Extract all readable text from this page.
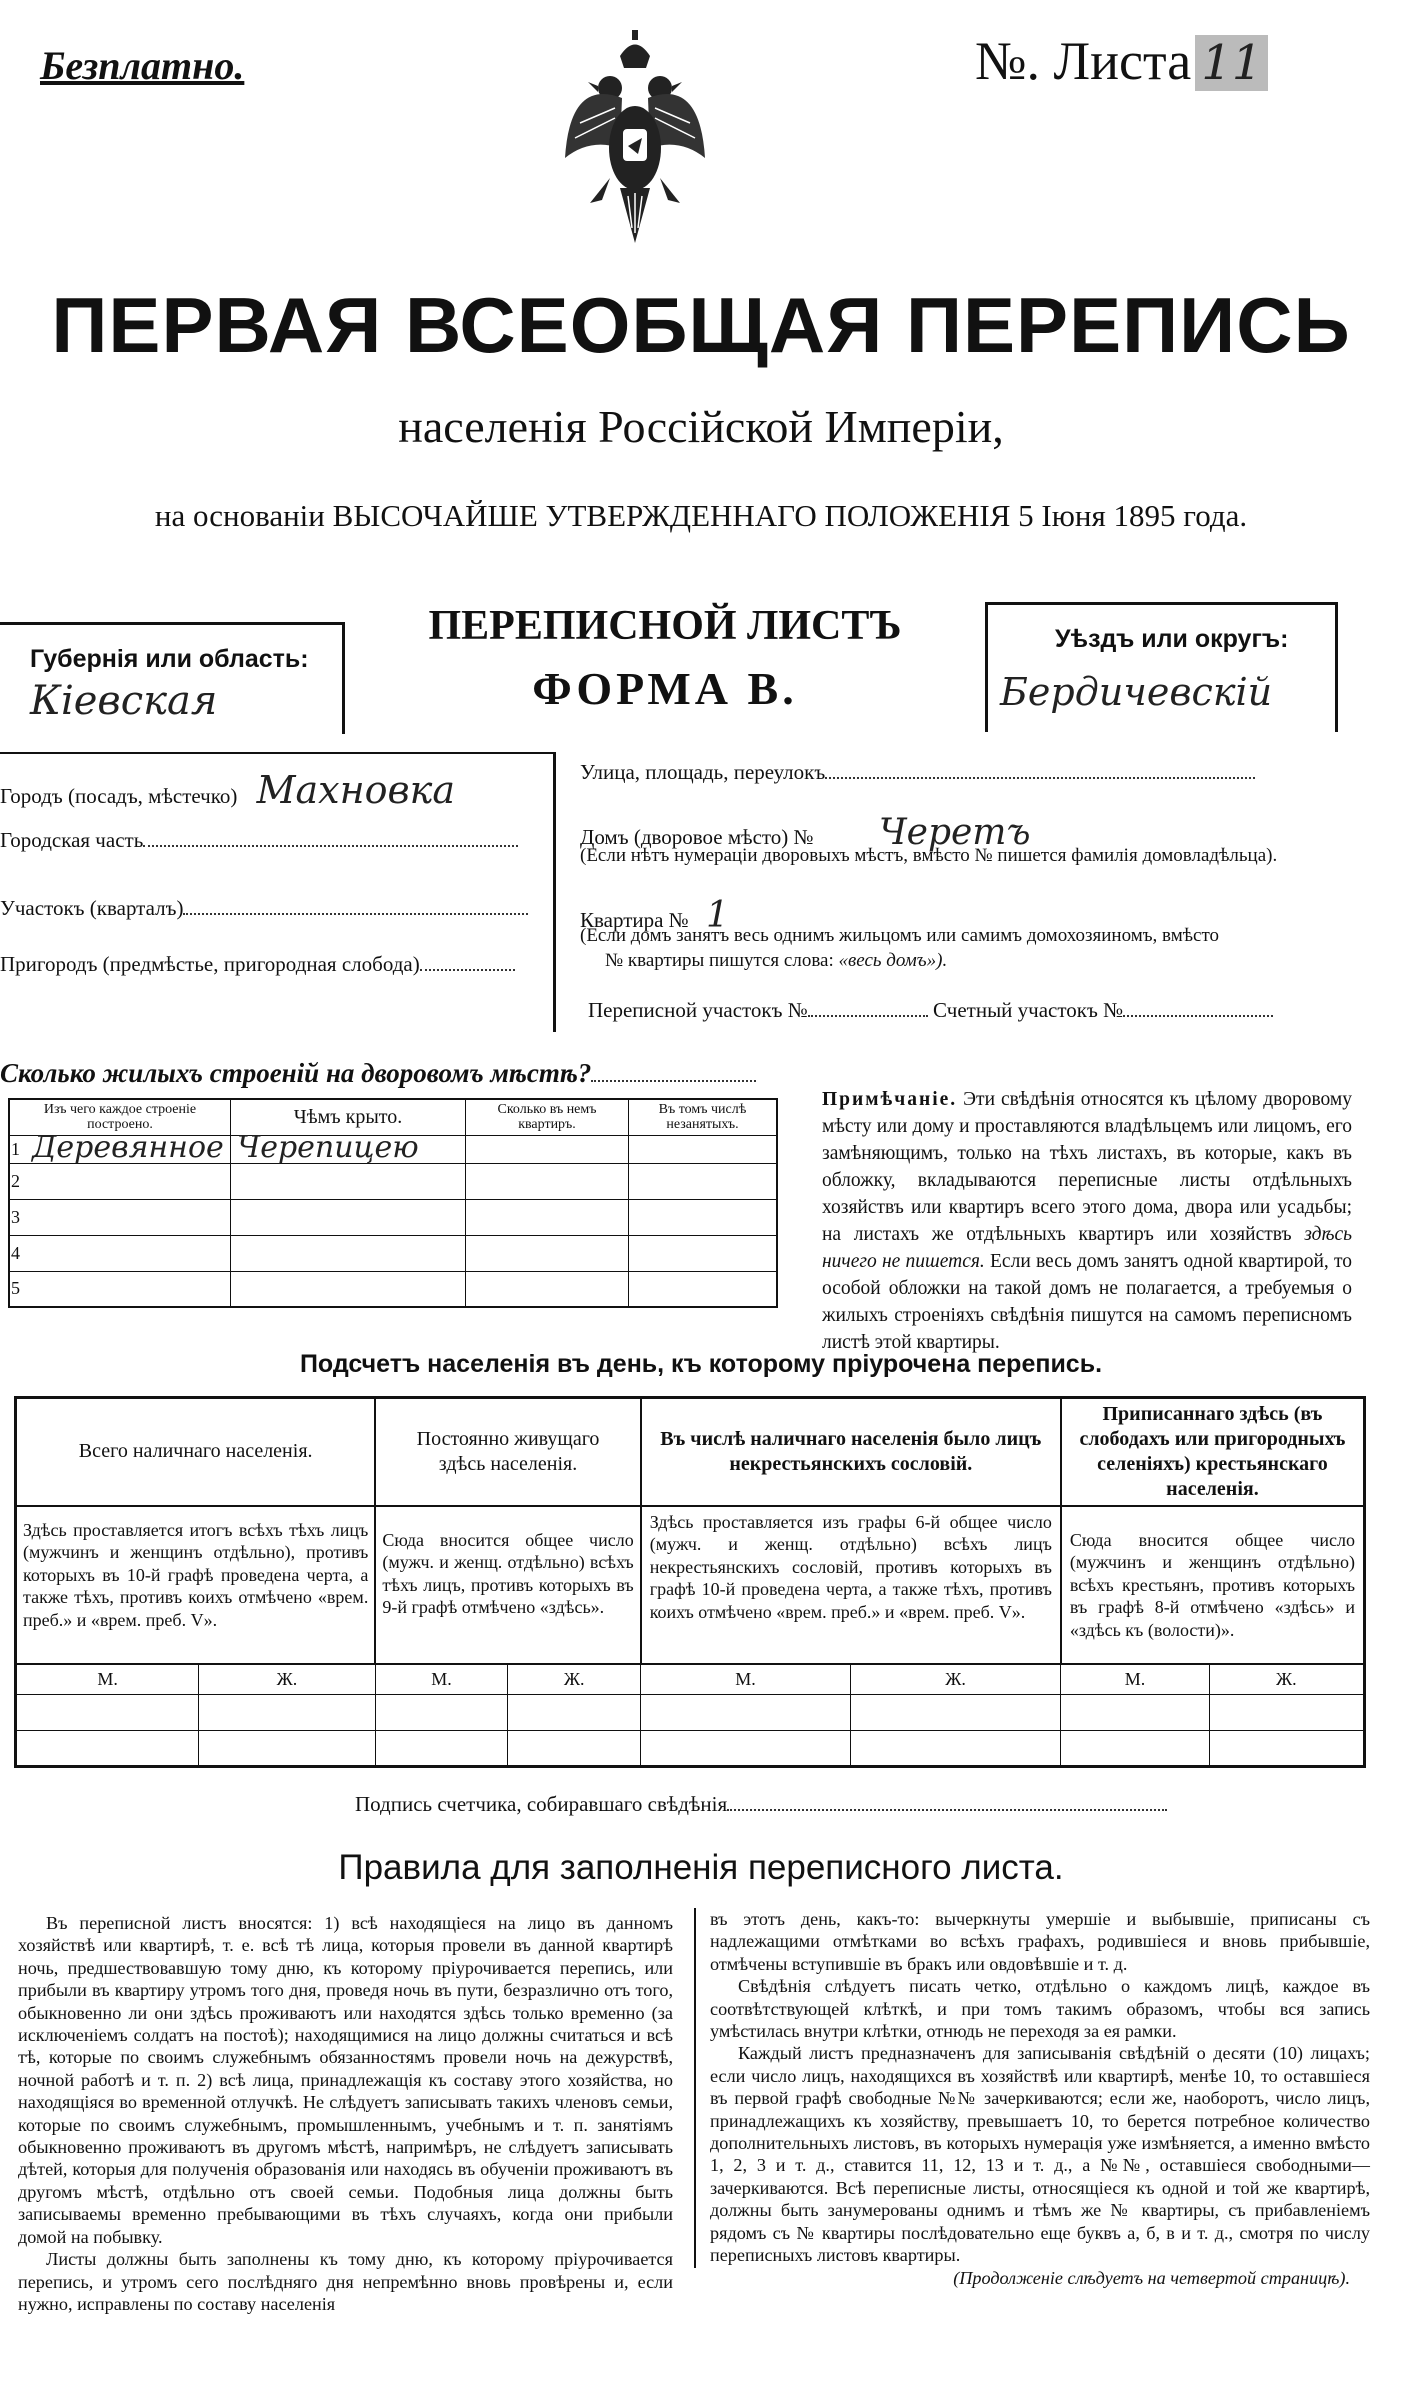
Безплатно.	№. Листа 11
ПЕРВАЯ ВСЕОБЩАЯ ПЕРЕПИСЬ
населенія Россійской Имперіи,
на основаніи ВЫСОЧАЙШЕ УТВЕРЖДЕННАГО ПОЛОЖЕНІЯ 5 Іюня 1895 года.
Губернія или область:
Кіевская
ПЕРЕПИСНОЙ ЛИСТЪ
ФОРМА В.
Уѣздъ или округъ:
Бердичевскій
Городъ (посадъ, мѣстечко) Махновка
Городская часть
Участокъ (кварталъ)
Пригородъ (предмѣстье, пригородная слобода)
Улица, площадь, переулокъ
Домъ (дворовое мѣсто) № Черетъ
(Если нѣтъ нумераціи дворовыхъ мѣстъ, вмѣсто № пишется фамилія домовладѣльца).
Квартира № 1
(Если домъ занятъ весь однимъ жильцомъ или самимъ домохозяиномъ, вмѣсто
№ квартиры пишутся слова: «весь домъ»).
Переписной участокъ №	Счетный участокъ №
Сколько жилыхъ строеній на дворовомъ мѣстѣ?
Изъ чего каждое строеніе построено.	Чѣмъ крыто.	Сколько въ немъ квартиръ.	Въ томъ числѣ незанятыхъ.
1 Деревянное	Черепицею		

2			
3			
4			
5			

Примѣчаніе. Эти свѣдѣнія относятся къ цѣлому дворовому мѣсту или дому и проставляются владѣльцемъ или лицомъ, его замѣняющимъ, только на тѣхъ листахъ, въ которые, какъ въ обложку, вкладываются переписные листы отдѣльныхъ хозяйствъ или квартиръ всего этого дома, двора или усадьбы; на листахъ же отдѣльныхъ квартиръ или хозяйствъ здѣсь ничего не пишется. Если весь домъ занятъ одной квартирой, то особой обложки на такой домъ не полагается, а требуемыя о жилыхъ строеніяхъ свѣдѣнія пишутся на самомъ переписномъ листѣ этой квартиры.

Подсчетъ населенія въ день, къ которому пріурочена перепись.
Всего наличнаго населенія.		Постоянно живущаго здѣсь населенія.		Въ числѣ наличнаго населенія было лицъ некрестьянскихъ сословій.		Приписаннаго здѣсь (въ слободахъ или пригородныхъ селеніяхъ) крестьянскаго населенія.	

Здѣсь проставляется итогъ всѣхъ тѣхъ лицъ (мужчинъ и женщинъ отдѣльно), противъ которыхъ въ 10-й графѣ проведена черта, а также тѣхъ, противъ коихъ отмѣчено «врем. преб.» и «врем. преб. V».		Сюда вносится общее число (мужч. и женщ. отдѣльно) всѣхъ тѣхъ лицъ, противъ которыхъ въ 9-й графѣ отмѣчено «здѣсь».		Здѣсь проставляется изъ графы 6-й общее число (мужч. и женщ. отдѣльно) всѣхъ лицъ некрестьянскихъ сословій, противъ которыхъ въ графѣ 10-й проведена черта, а также тѣхъ, противъ коихъ отмѣчено «врем. преб.» и «врем. преб. V».		Сюда вносится общее число (мужчинъ и женщинъ отдѣльно) всѣхъ крестьянъ, противъ которыхъ въ графѣ 8-й отмѣчено «здѣсь» и «здѣсь къ (волости)».	

М.	Ж.	М.	Ж.	М.	Ж.	М.	Ж.

Подпись счетчика, собиравшаго свѣдѣнія
Правила для заполненія переписного листа.

Въ переписной листъ вносятся: 1) всѣ находящіеся на лицо въ данномъ хозяйствѣ или квартирѣ, т. е. всѣ тѣ лица, которыя провели въ данной квартирѣ ночь, предшествовавшую тому дню, къ которому пріурочивается перепись, или прибыли въ квартиру утромъ того дня, проведя ночь въ пути, безразлично отъ того, обыкновенно ли они здѣсь проживаютъ или находятся здѣсь только временно (за исключеніемъ солдатъ на постоѣ); находящимися на лицо должны считаться и всѣ тѣ, которые по своимъ служебнымъ обязанностямъ провели ночь на дежурствѣ, ночной работѣ и т. п. 2) всѣ лица, принадлежащія къ составу этого хозяйства, но находящіяся во временной отлучкѣ. Не слѣдуетъ записывать такихъ членовъ семьи, которые по своимъ служебнымъ, промышленнымъ, учебнымъ и т. п. занятіямъ обыкновенно проживаютъ въ другомъ мѣстѣ, напримѣръ, не слѣдуетъ записывать дѣтей, которыя для полученія образованія или находясь въ обученіи проживаютъ въ другомъ мѣстѣ, отдѣльно отъ своей семьи. Подобныя лица должны быть записываемы временно пребывающими въ тѣхъ случаяхъ, когда они прибыли домой на побывку.

Листы должны быть заполнены къ тому дню, къ которому пріурочивается перепись, и утромъ сего послѣдняго дня непремѣнно вновь провѣрены и, если нужно, исправлены по составу населенія

въ этотъ день, какъ-то: вычеркнуты умершіе и выбывшіе, приписаны съ надлежащими отмѣтками во всѣхъ графахъ, родившіеся и вновь прибывшіе, отмѣчены вступившіе въ бракъ или овдовѣвшіе и т. д.

Свѣдѣнія слѣдуетъ писать четко, отдѣльно о каждомъ лицѣ, каждое въ соотвѣтствующей клѣткѣ, и при томъ такимъ образомъ, чтобы вся запись умѣстилась внутри клѣтки, отнюдь не переходя за ея рамки.

Каждый листъ предназначенъ для записыванія свѣдѣній о десяти (10) лицахъ; если число лицъ, находящихся въ хозяйствѣ или квартирѣ, менѣе 10, то оставшіеся въ первой графѣ свободные №№ зачеркиваются; если же, наоборотъ, число лицъ, принадлежащихъ къ хозяйству, превышаетъ 10, то берется потребное количество дополнительныхъ листовъ, въ которыхъ нумерація уже измѣняется, а именно вмѣсто 1, 2, 3 и т. д., ставится 11, 12, 13 и т. д., а №№, оставшіеся свободными—зачеркиваются. Всѣ переписные листы, относящіеся къ одной и той же квартирѣ, должны быть занумерованы однимъ и тѣмъ же № квартиры, съ прибавленіемъ рядомъ съ № квартиры послѣдовательно еще буквъ а, б, в и т. д., смотря по числу переписныхъ листовъ квартиры.

(Продолженіе слѣдуетъ на четвертой страницѣ).
